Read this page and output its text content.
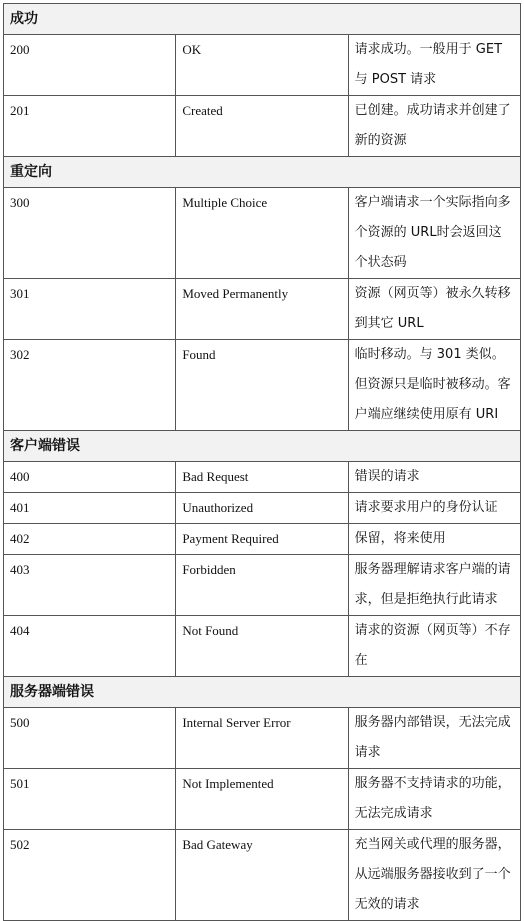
成功		
200	OK	请求成功。一般用于 GET 与 POST 请求
201	Created	已创建。成功请求并创建了新的资源
重定向		
300	Multiple Choice	客户端请求一个实际指向多个资源的 URL时会返回这个状态码
301	Moved Permanently	资源（网页等）被永久转移到其它 URL
302	Found	临时移动。与 301 类似。但资源只是临时被移动。客户端应继续使用原有 URI
客户端错误		
400	Bad Request	错误的请求
401	Unauthorized	请求要求用户的身份认证
402	Payment Required	保留，将来使用
403	Forbidden	服务器理解请求客户端的请求，但是拒绝执行此请求
404	Not Found	请求的资源（网页等）不存在
服务器端错误		
500	Internal Server Error	服务器内部错误，无法完成请求
501	Not Implemented	服务器不支持请求的功能，无法完成请求
502	Bad Gateway	充当网关或代理的服务器，从远端服务器接收到了一个无效的请求
